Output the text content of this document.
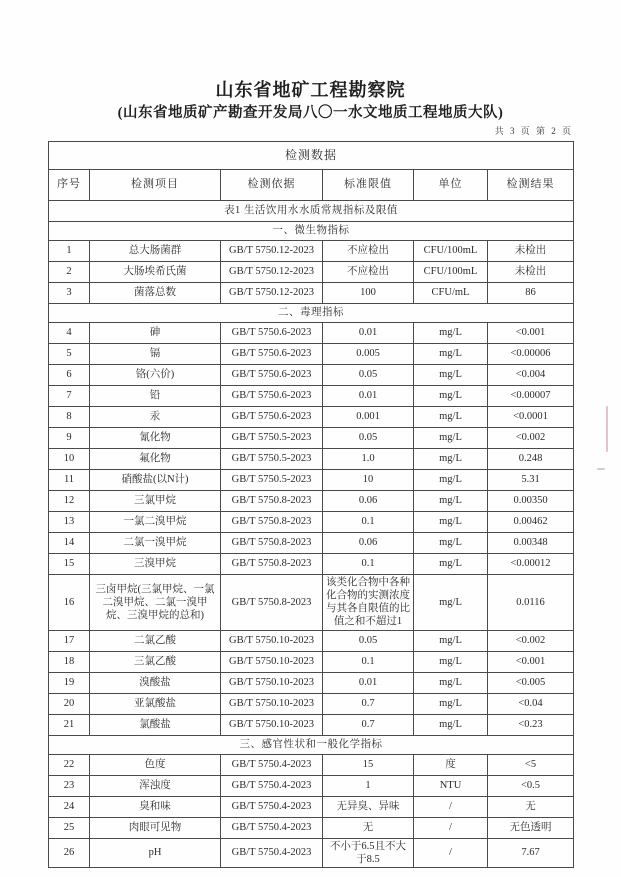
山东省地矿工程勘察院
(山东省地质矿产勘查开发局八〇一水文地质工程地质大队)
共 3 页 第 2 页
检测数据					
序号	检测项目	检测依据	标准限值	单位	检测结果
表1 生活饮用水水质常规指标及限值					
一、微生物指标					
1	总大肠菌群	GB/T 5750.12-2023	不应检出	CFU/100mL	未检出
2	大肠埃希氏菌	GB/T 5750.12-2023	不应检出	CFU/100mL	未检出
3	菌落总数	GB/T 5750.12-2023	100	CFU/mL	86
二、毒理指标					
4	砷	GB/T 5750.6-2023	0.01	mg/L	<0.001
5	镉	GB/T 5750.6-2023	0.005	mg/L	<0.00006
6	铬(六价)	GB/T 5750.6-2023	0.05	mg/L	<0.004
7	铅	GB/T 5750.6-2023	0.01	mg/L	<0.00007
8	汞	GB/T 5750.6-2023	0.001	mg/L	<0.0001
9	氰化物	GB/T 5750.5-2023	0.05	mg/L	<0.002
10	氟化物	GB/T 5750.5-2023	1.0	mg/L	0.248
11	硝酸盐(以N计)	GB/T 5750.5-2023	10	mg/L	5.31
12	三氯甲烷	GB/T 5750.8-2023	0.06	mg/L	0.00350
13	一氯二溴甲烷	GB/T 5750.8-2023	0.1	mg/L	0.00462
14	二氯一溴甲烷	GB/T 5750.8-2023	0.06	mg/L	0.00348
15	三溴甲烷	GB/T 5750.8-2023	0.1	mg/L	<0.00012
16	三卤甲烷(三氯甲烷、一氯二溴甲烷、二氯一溴甲烷、三溴甲烷的总和)	GB/T 5750.8-2023	该类化合物中各种化合物的实测浓度与其各自限值的比值之和不超过1	mg/L	0.0116
17	二氯乙酸	GB/T 5750.10-2023	0.05	mg/L	<0.002
18	三氯乙酸	GB/T 5750.10-2023	0.1	mg/L	<0.001
19	溴酸盐	GB/T 5750.10-2023	0.01	mg/L	<0.005
20	亚氯酸盐	GB/T 5750.10-2023	0.7	mg/L	<0.04
21	氯酸盐	GB/T 5750.10-2023	0.7	mg/L	<0.23
三、感官性状和一般化学指标					
22	色度	GB/T 5750.4-2023	15	度	<5
23	浑浊度	GB/T 5750.4-2023	1	NTU	<0.5
24	臭和味	GB/T 5750.4-2023	无异臭、异味	/	无
25	肉眼可见物	GB/T 5750.4-2023	无	/	无色透明
26	pH	GB/T 5750.4-2023	不小于6.5且不大于8.5	/	7.67
